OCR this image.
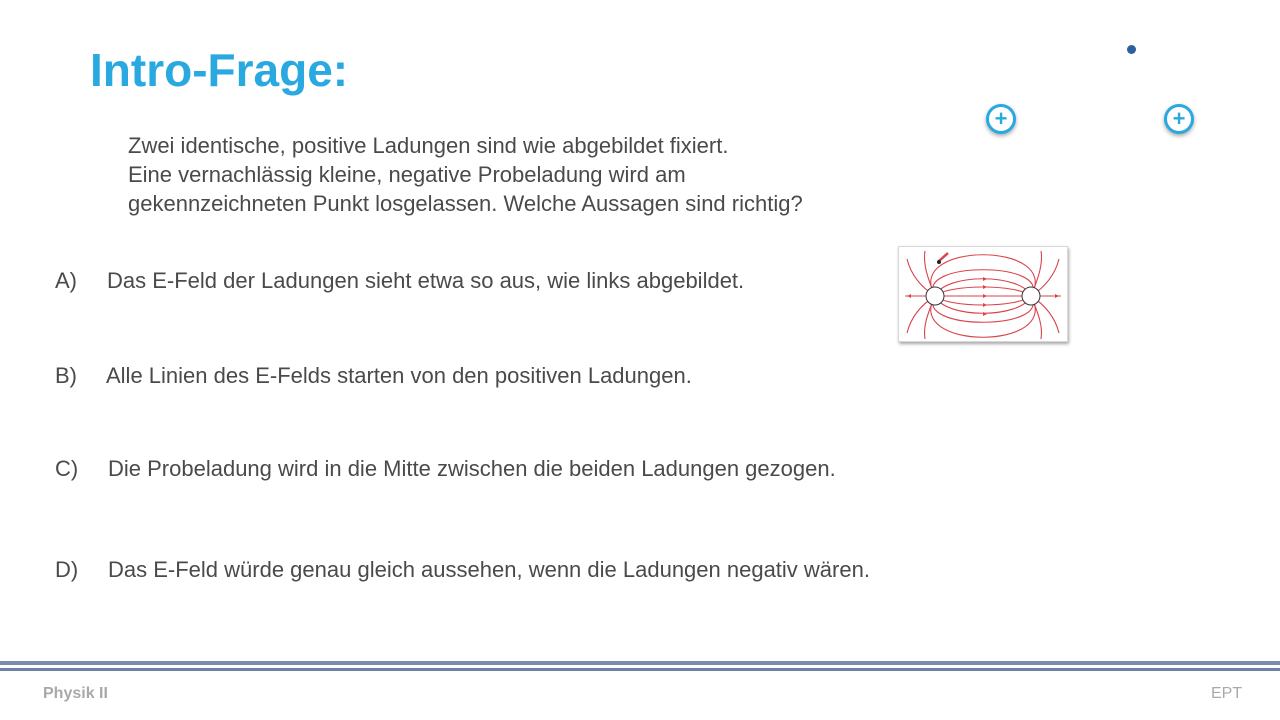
Intro-Frage:
Zwei identische, positive Ladungen sind wie abgebildet fixiert.
Eine vernachlässig kleine, negative Probeladung wird am
gekennzeichneten Punkt losgelassen. Welche Aussagen sind richtig?
+	+
A) Das E-Feld der Ladungen sieht etwa so aus, wie links abgebildet.
B) Alle Linien des E-Felds starten von den positiven Ladungen.
C) Die Probeladung wird in die Mitte zwischen die beiden Ladungen gezogen.
D) Das E-Feld würde genau gleich aussehen, wenn die Ladungen negativ wären.
Physik II	EPT
